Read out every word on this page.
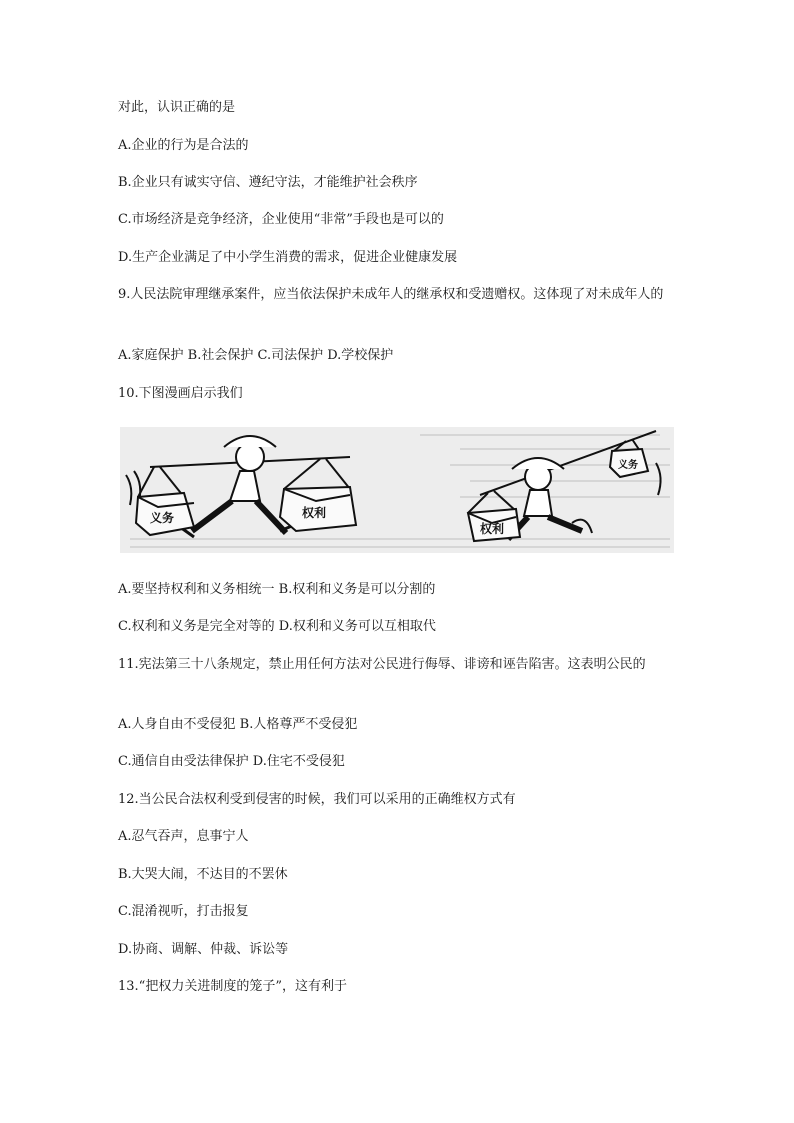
对此，认识正确的是
A.企业的行为是合法的
B.企业只有诚实守信、遵纪守法，才能维护社会秩序
C.市场经济是竞争经济，企业使用“非常”手段也是可以的
D.生产企业满足了中小学生消费的需求，促进企业健康发展
9.人民法院审理继承案件，应当依法保护未成年人的继承权和受遗赠权。这体现了对未成年人的
A.家庭保护 B.社会保护 C.司法保护 D.学校保护
10.下图漫画启示我们
义务	权利
权利
义务
A.要坚持权利和义务相统一 B.权利和义务是可以分割的
C.权利和义务是完全对等的 D.权利和义务可以互相取代
11.宪法第三十八条规定，禁止用任何方法对公民进行侮辱、诽谤和诬告陷害。这表明公民的
A.人身自由不受侵犯 B.人格尊严不受侵犯
C.通信自由受法律保护 D.住宅不受侵犯
12.当公民合法权利受到侵害的时候，我们可以采用的正确维权方式有
A.忍气吞声，息事宁人
B.大哭大闹，不达目的不罢休
C.混淆视听，打击报复
D.协商、调解、仲裁、诉讼等
13.“把权力关进制度的笼子”，这有利于
